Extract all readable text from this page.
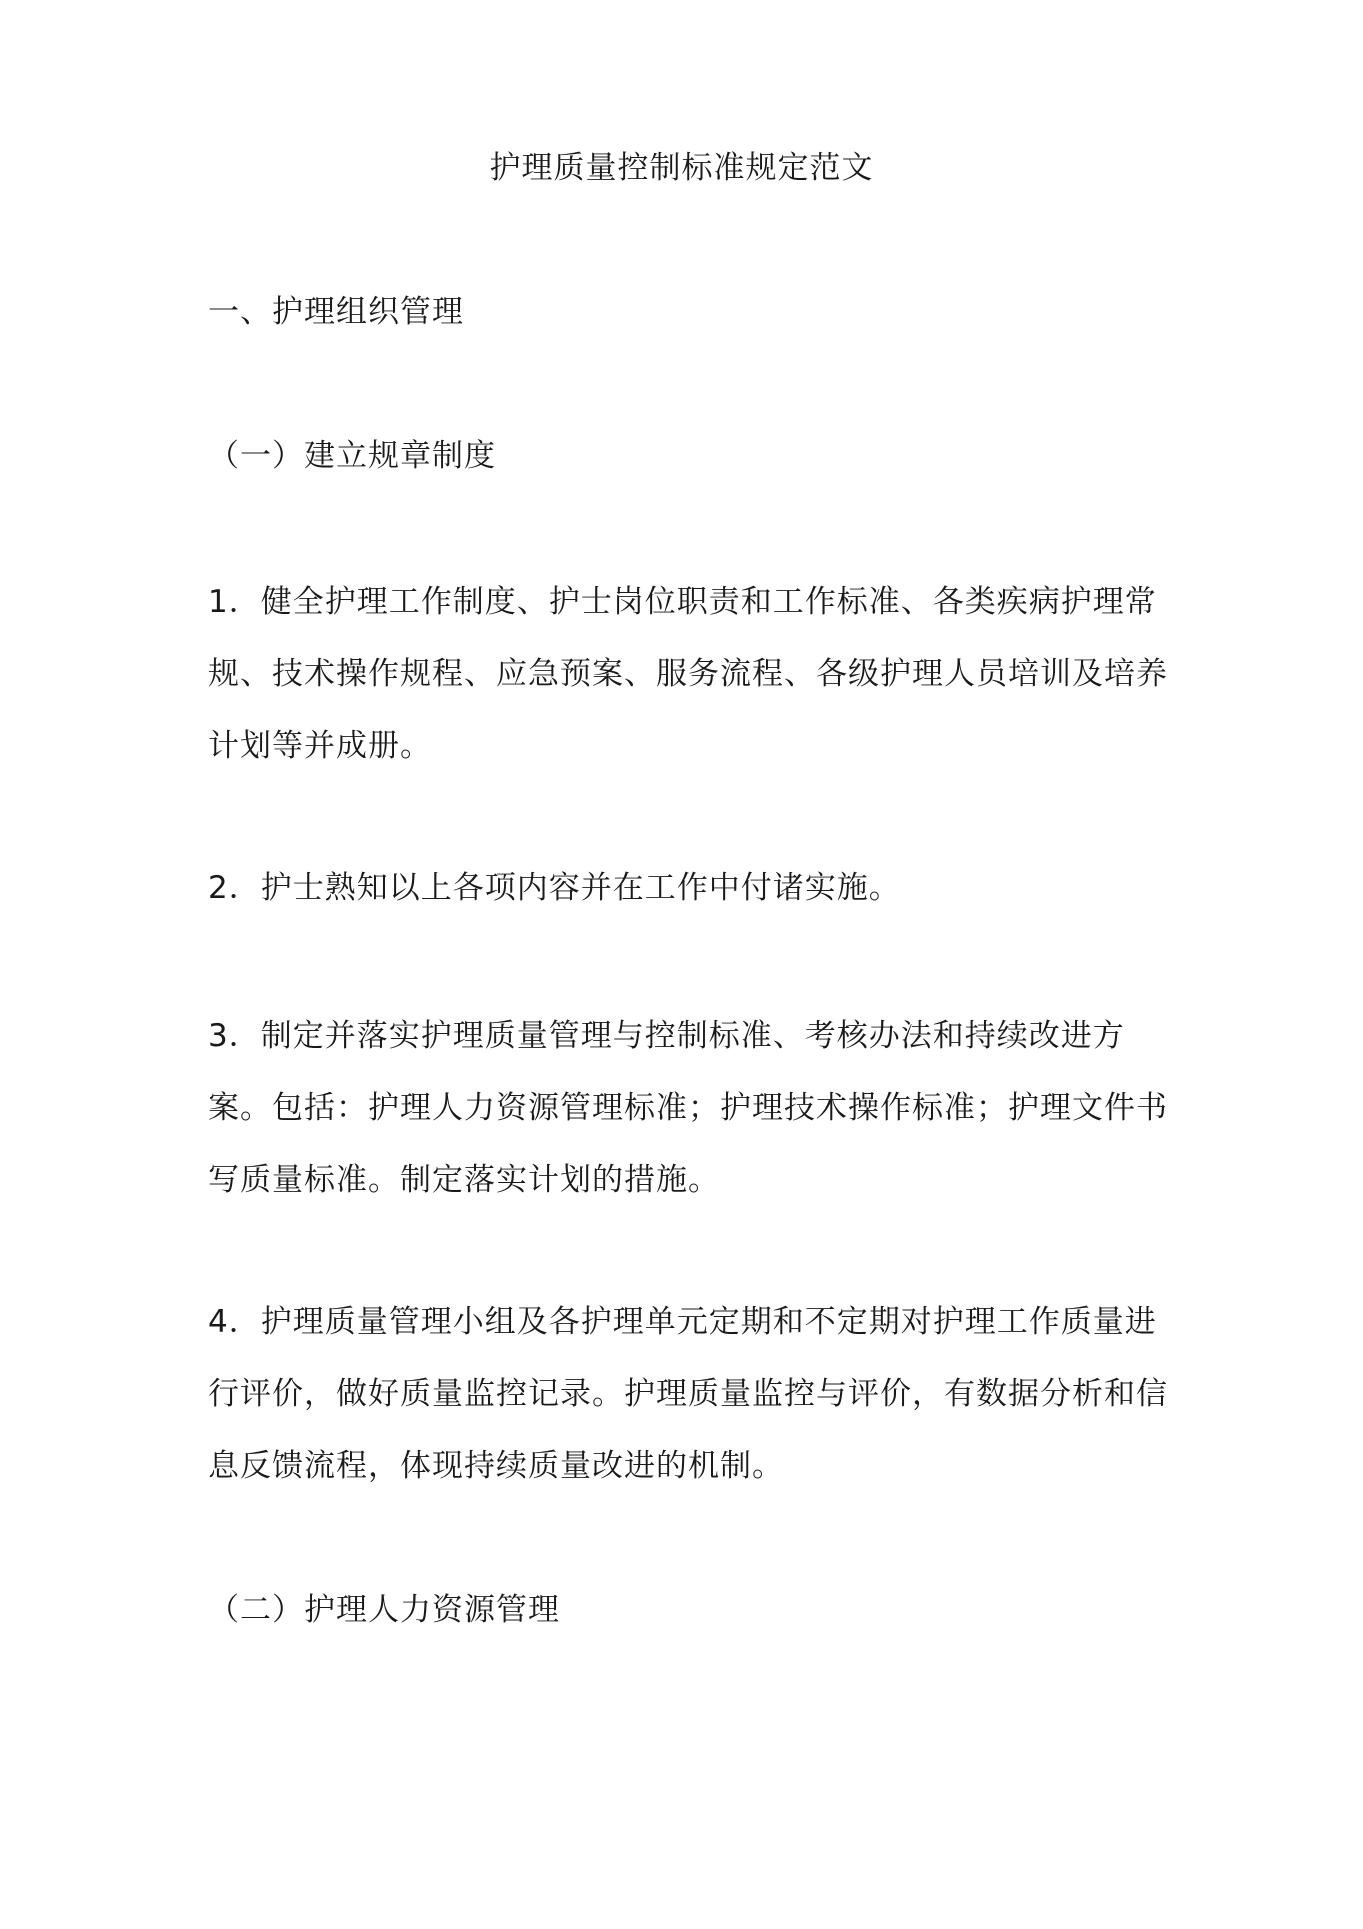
护理质量控制标准规定范文
一、护理组织管理
（一）建立规章制度

1．健全护理工作制度、护士岗位职责和工作标准、各类疾病护理常规、技术操作规程、应急预案、服务流程、各级护理人员培训及培养计划等并成册。

2．护士熟知以上各项内容并在工作中付诸实施。

3．制定并落实护理质量管理与控制标准、考核办法和持续改进方案。包括：护理人力资源管理标准；护理技术操作标准；护理文件书写质量标准。制定落实计划的措施。

4．护理质量管理小组及各护理单元定期和不定期对护理工作质量进行评价，做好质量监控记录。护理质量监控与评价，有数据分析和信息反馈流程，体现持续质量改进的机制。

（二）护理人力资源管理
